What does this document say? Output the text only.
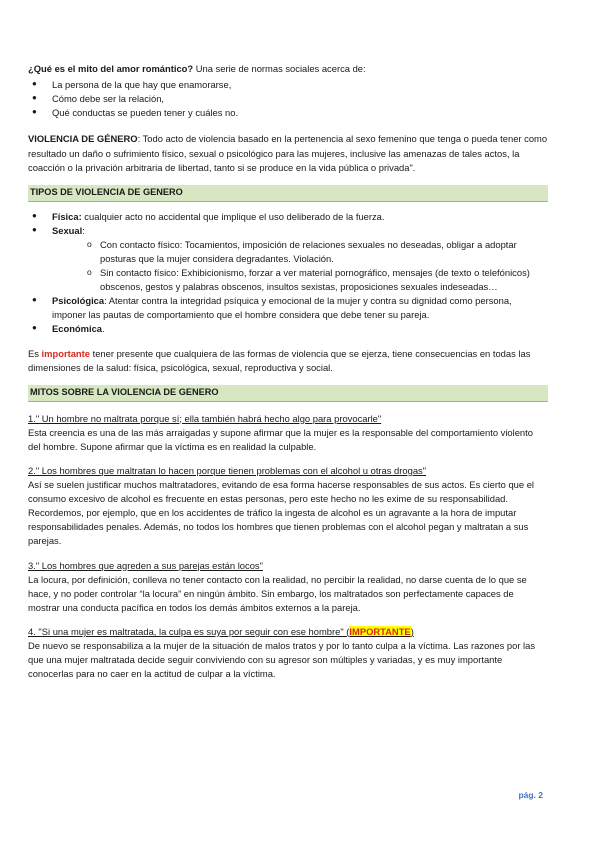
¿Qué es el mito del amor romántico? Una serie de normas sociales acerca de:

● La persona de la que hay que enamorarse,
● Cómo debe ser la relación,
● Qué conductas se pueden tener y cuáles no.

VIOLENCIA DE GÉNERO: Todo acto de violencia basado en la pertenencia al sexo femenino que tenga o pueda tener como resultado un daño o sufrimiento físico, sexual o psicológico para las mujeres, inclusive las amenazas de tales actos, la coacción o la privación arbitraria de libertad, tanto si se produce en la vida pública o privada".

TIPOS DE VIOLENCIA DE GENERO
● Física: cualquier acto no accidental que implique el uso deliberado de la fuerza.
● Sexual:
o Con contacto físico: Tocamientos, imposición de relaciones sexuales no deseadas, obligar a adoptar posturas que la mujer considera degradantes. Violación.
o Sin contacto físico: Exhibicionismo, forzar a ver material pornográfico, mensajes (de texto o telefónicos) obscenos, gestos y palabras obscenos, insultos sexistas, proposiciones sexuales indeseadas…
● Psicológica: Atentar contra la integridad psíquica y emocional de la mujer y contra su dignidad como persona, imponer las pautas de comportamiento que el hombre considera que debe tener su pareja.
● Económica.

Es importante tener presente que cualquiera de las formas de violencia que se ejerza, tiene consecuencias en todas las dimensiones de la salud: física, psicológica, sexual, reproductiva y social.

MITOS SOBRE LA VIOLENCIA DE GENERO

1." Un hombre no maltrata porque sí; ella también habrá hecho algo para provocarle"

Esta creencia es una de las más arraigadas y supone afirmar que la mujer es la responsable del comportamiento violento del hombre. Supone afirmar que la víctima es en realidad la culpable.

2." Los hombres que maltratan lo hacen porque tienen problemas con el alcohol u otras drogas"

Así se suelen justificar muchos maltratadores, evitando de esa forma hacerse responsables de sus actos. Es cierto que el consumo excesivo de alcohol es frecuente en estas personas, pero este hecho no les exime de su responsabilidad. Recordemos, por ejemplo, que en los accidentes de tráfico la ingesta de alcohol es un agravante a la hora de imputar responsabilidades penales. Además, no todos los hombres que tienen problemas con el alcohol pegan y maltratan a sus parejas.

3." Los hombres que agreden a sus parejas están locos"

La locura, por definición, conlleva no tener contacto con la realidad, no percibir la realidad, no darse cuenta de lo que se hace, y no poder controlar “la locura” en ningún ámbito. Sin embargo, los maltratados son perfectamente capaces de mostrar una conducta pacífica en todos los demás ámbitos externos a la pareja.

4. "Si una mujer es maltratada, la culpa es suya por seguir con ese hombre" (IMPORTANTE)

De nuevo se responsabiliza a la mujer de la situación de malos tratos y por lo tanto culpa a la víctima. Las razones por las que una mujer maltratada decide seguir conviviendo con su agresor son múltiples y variadas, y es muy importante conocerlas para no caer en la actitud de culpar a la víctima.

pág. 2
